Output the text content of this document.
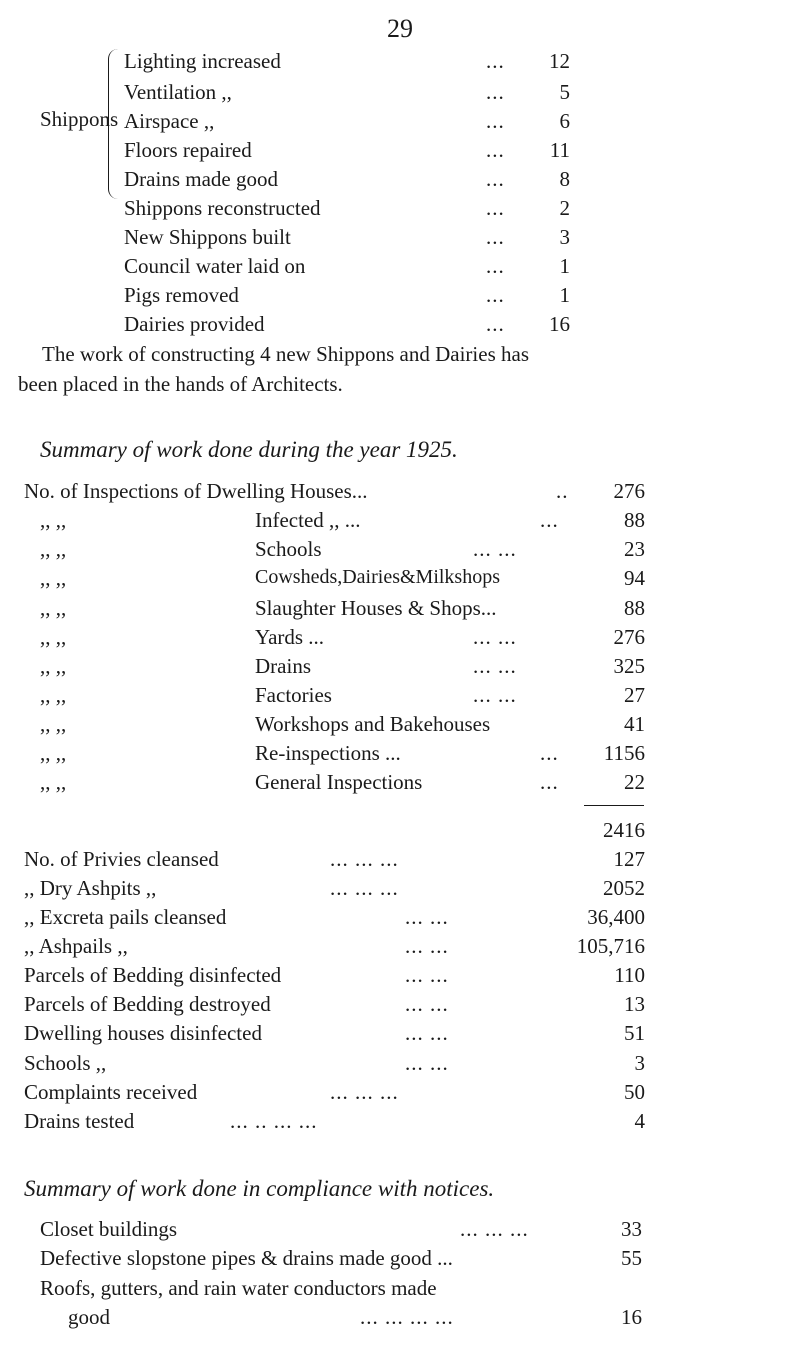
29
Shippons
Lighting increased	... 12
Ventilation ,,	...	5
Airspace ,,	...	6
Floors repaired	... 11
Drains made good	...	8
Shippons reconstructed	...	2
New Shippons built	...	3
Council water laid on	...	1
Pigs removed	...	1
Dairies provided	... 16
The work of constructing 4 new Shippons and Dairies has
been placed in the hands of Architects.
Summary of work done during the year 1925.
No. of Inspections of Dwelling Houses...	.. 276
,, ,,	Infected ,, ...	...	88
,, ,,	Schools	... ...	23
,, ,,	Cowsheds,Dairies&Milkshops	94
,, ,,	Slaughter Houses & Shops...	88
,, ,,	Yards ...	... ...	276
,, ,,	Drains	... ...	325
,, ,,	Factories	... ...	27
,, ,,	Workshops and Bakehouses	41
,, ,,	Re-inspections ...	... 1156
,, ,,	General Inspections	...	22
2416
No. of Privies cleansed	... ... ...	127
,, Dry Ashpits ,,	... ... ...	2052
,, Excreta pails cleansed	... ...	36,400
,, Ashpails ,,	... ...	105,716
Parcels of Bedding disinfected	... ...	110
Parcels of Bedding destroyed	... ...	13
Dwelling houses disinfected	... ...	51
Schools ,,	... ...	3
Complaints received	... ... ...	50
Drains tested	... .. ... ...	4
Summary of work done in compliance with notices.
Closet buildings	... ... ...	33
Defective slopstone pipes & drains made good ...	55
Roofs, gutters, and rain water conductors made
good	... ... ... ...	16
